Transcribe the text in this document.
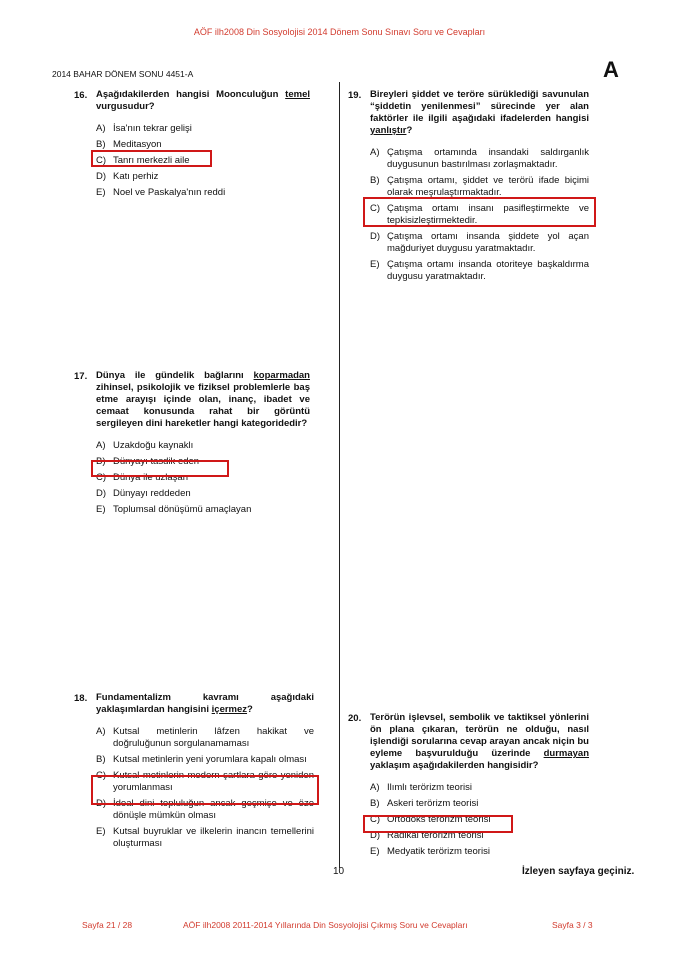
AÖF ilh2008 Din Sosyolojisi 2014 Dönem Sonu Sınavı Soru ve Cevapları
2014 BAHAR DÖNEM SONU 4451-A	A
16. Aşağıdakilerden hangisi Moonculuğun temel vurgusudur?
A) İsa'nın tekrar gelişi
B) Meditasyon
C) Tanrı merkezli aile
D) Katı perhiz
E) Noel ve Paskalya'nın reddi
17. Dünya ile gündelik bağlarını koparmadan zihinsel, psikolojik ve fiziksel problemlerle baş etme arayışı içinde olan, inanç, ibadet ve cemaat konusunda rahat bir görüntü sergileyen dini hareketler hangi kategoridedir?
A) Uzakdoğu kaynaklı
B) Dünyayı tasdik eden
C) Dünya ile uzlaşan
D) Dünyayı reddeden
E) Toplumsal dönüşümü amaçlayan
18. Fundamentalizm kavramı aşağıdaki yaklaşımlardan hangisini içermez?
A) Kutsal metinlerin lâfzen hakikat ve doğruluğunun sorgulanamaması
B) Kutsal metinlerin yeni yorumlara kapalı olması
C) Kutsal metinlerin modern şartlara göre yeniden yorumlanması
D) İdeal dini topluluğun ancak geçmişe ve öze dönüşle mümkün olması
E) Kutsal buyruklar ve ilkelerin inancın temellerini oluşturması
19. Bireyleri şiddet ve teröre sürüklediği savunulan “şiddetin yenilenmesi” sürecinde yer alan faktörler ile ilgili aşağıdaki ifadelerden hangisi yanlıştır?
A) Çatışma ortamında insandaki saldırganlık duygusunun bastırılması zorlaşmaktadır.
B) Çatışma ortamı, şiddet ve terörü ifade biçimi olarak meşrulaştırmaktadır.
C) Çatışma ortamı insanı pasifleştirmekte ve tepkisizleştirmektedir.
D) Çatışma ortamı insanda şiddete yol açan mağduriyet duygusu yaratmaktadır.
E) Çatışma ortamı insanda otoriteye başkaldırma duygusu yaratmaktadır.
20. Terörün işlevsel, sembolik ve taktiksel yönlerini ön plana çıkaran, terörün ne olduğu, nasıl işlendiği sorularına cevap arayan ancak niçin bu eyleme başvurulduğu üzerinde durmayan yaklaşım aşağıdakilerden hangisidir?
A) Ilımlı terörizm teorisi
B) Askeri terörizm teorisi
C) Ortodoks terörizm teorisi
D) Radikal terörizm teorisi
E) Medyatik terörizm teorisi
10	İzleyen sayfaya geçiniz.
Sayfa 21 / 28	AÖF ilh2008 2011-2014 Yıllarında Din Sosyolojisi Çıkmış Soru ve Cevapları	Sayfa 3 / 3
